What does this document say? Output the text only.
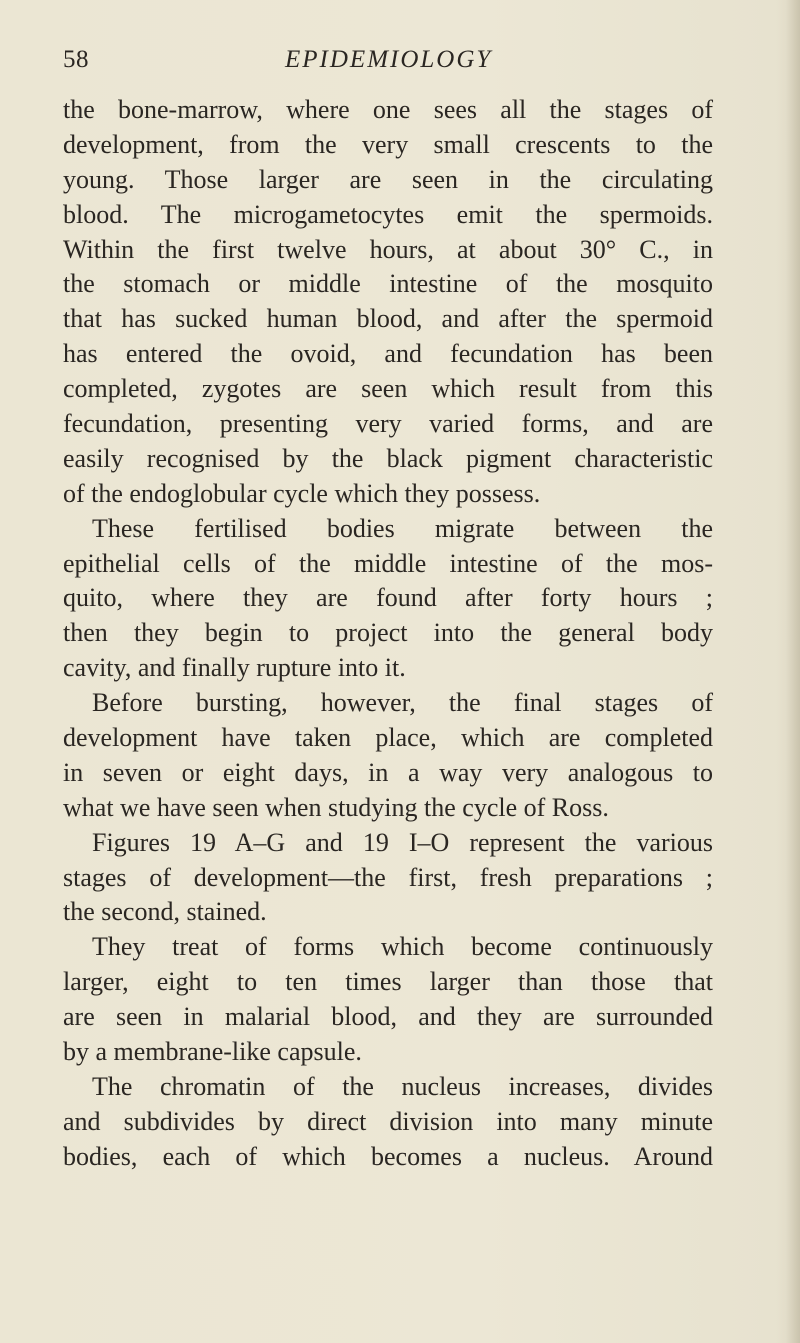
58	EPIDEMIOLOGY
the bone-marrow, where one sees all the stages of
development, from the very small crescents to the
young. Those larger are seen in the circulating
blood. The microgametocytes emit the spermoids.
Within the first twelve hours, at about 30° C., in
the stomach or middle intestine of the mosquito
that has sucked human blood, and after the spermoid
has entered the ovoid, and fecundation has been
completed, zygotes are seen which result from this
fecundation, presenting very varied forms, and are
easily recognised by the black pigment characteristic
of the endoglobular cycle which they possess.
These fertilised bodies migrate between the
epithelial cells of the middle intestine of the mos-
quito, where they are found after forty hours ;
then they begin to project into the general body
cavity, and finally rupture into it.
Before bursting, however, the final stages of
development have taken place, which are completed
in seven or eight days, in a way very analogous to
what we have seen when studying the cycle of Ross.
Figures 19 A–G and 19 I–O represent the various
stages of development—the first, fresh preparations ;
the second, stained.
They treat of forms which become continuously
larger, eight to ten times larger than those that
are seen in malarial blood, and they are surrounded
by a membrane-like capsule.
The chromatin of the nucleus increases, divides
and subdivides by direct division into many minute
bodies, each of which becomes a nucleus. Around
